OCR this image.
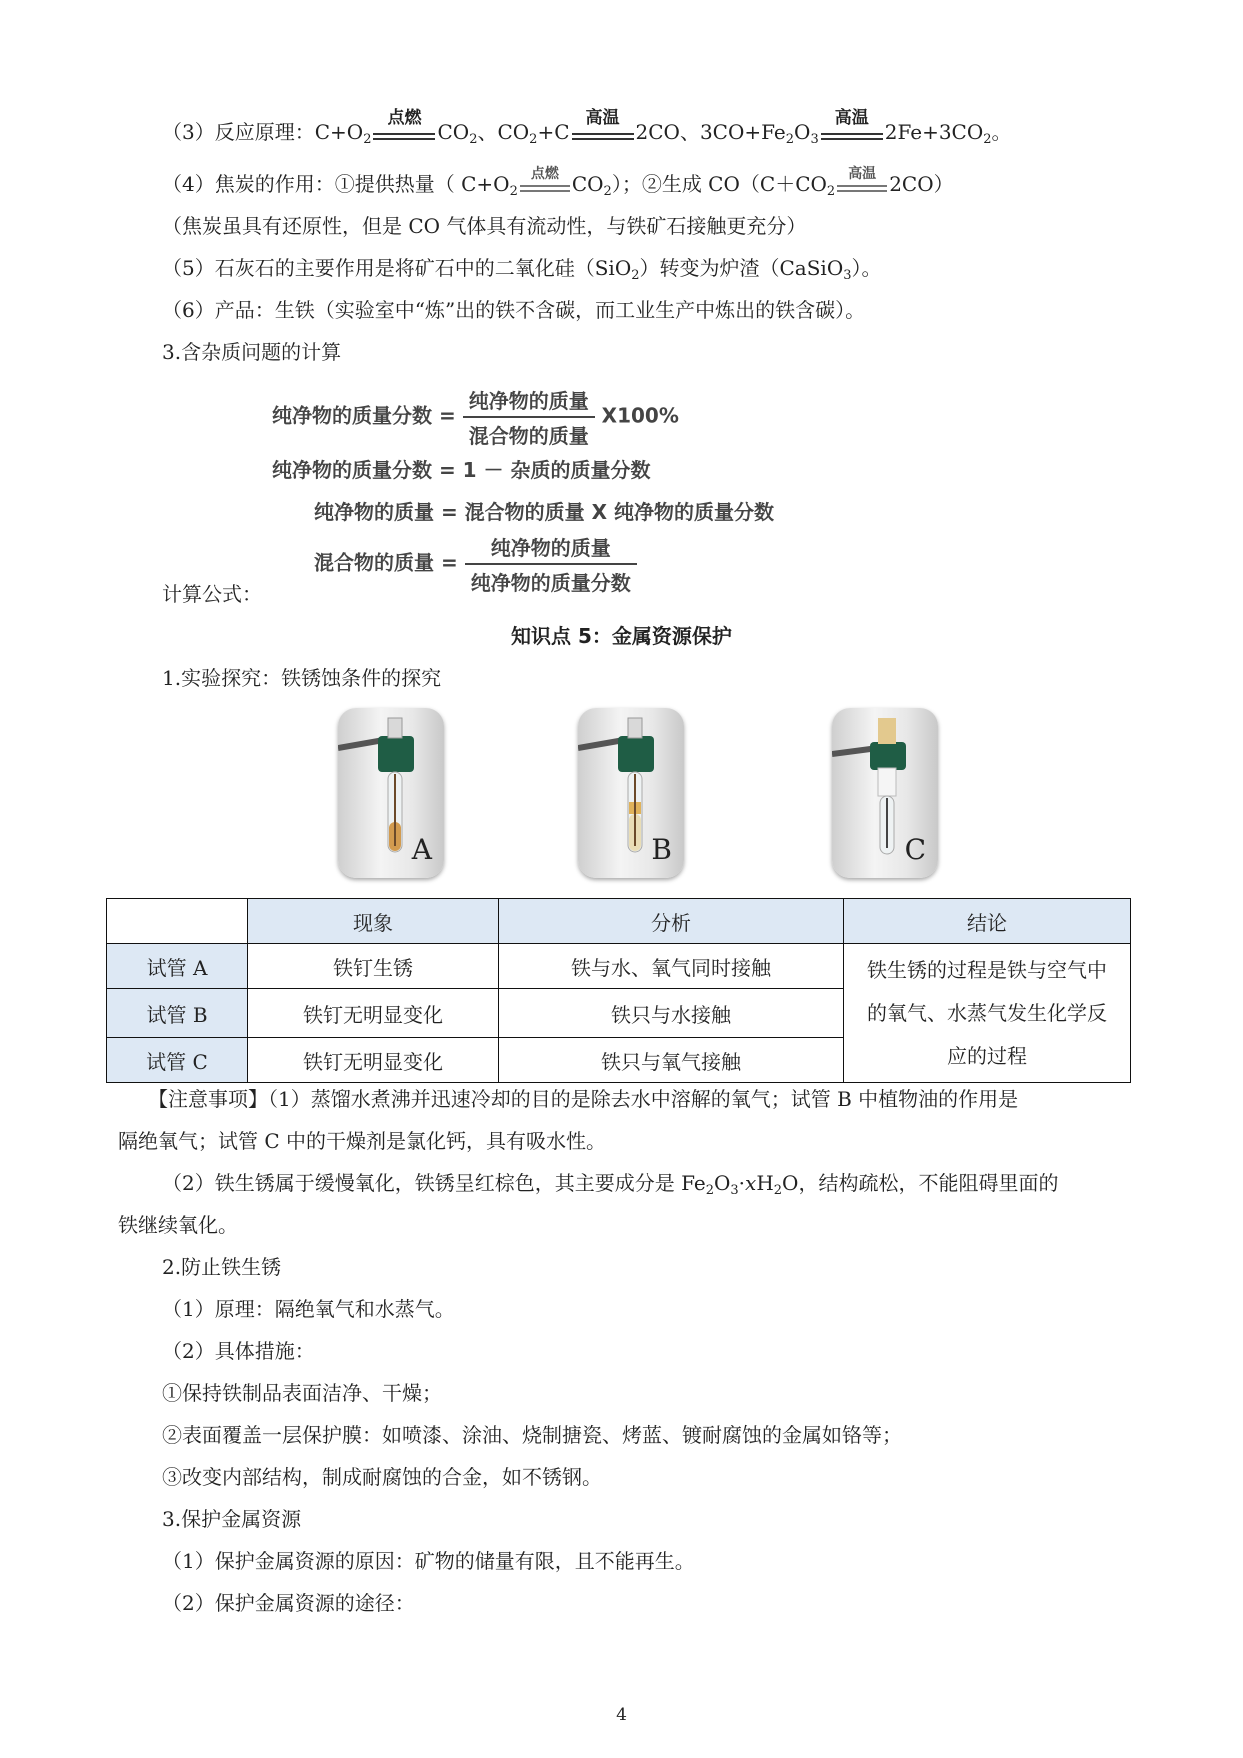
（3）反应原理：$C+O_2$
点燃
$CO_2$、$CO_2+C$
高温
2CO、$3CO+Fe_2O_3$
高温
$2Fe+3CO_2$。
（4）焦炭的作用：①提供热量（ $C+O_2$
点燃 $CO_2$）；②生成 $CO(C+CO_2$
高温 2CO）
（焦炭虽具有还原性，但是 CO 气体具有流动性，与铁矿石接触更充分）
（5）石灰石的主要作用是将矿石中的二氧化硅（SiO$_2$）转变为炉渣（CaSiO$_3$）。
（6）产品：生铁（实验室中“炼”出的铁不含碳，而工业生产中炼出的铁含碳）。
3.含杂质问题的计算
纯净物的质量分数 = $\frac{\text{纯净物的质量}}{\text{混合物的质量}} X100\%$
纯净物的质量分数 = 1 － 杂质的质量分数
纯净物的质量 = 混合物的质量 X 纯净物的质量分数
混合物的质量 = $\frac{\text{纯净物的质量}}{\text{纯净物的质量分数}}$
计算公式：
知识点 5：金属资源保护
1.实验探究：铁锈蚀条件的探究
A	B	C
	现象	分析	结论
试管 A	铁钉生锈	铁与水、氧气同时接触	铁生锈的过程是铁与空气中
的氧气、水蒸气发生化学反
应的过程
试管 B	铁钉无明显变化	铁只与水接触	
试管 C	铁钉无明显变化	铁只与氧气接触	
【注意事项】（1）蒸馏水煮沸并迅速冷却的目的是除去水中溶解的氧气；试管 B 中植物油的作用是
隔绝氧气；试管 C 中的干燥剂是氯化钙，具有吸水性。
（2）铁生锈属于缓慢氧化，铁锈呈红棕色，其主要成分是 $Fe_2O_3\cdot xH_2O$，结构疏松，不能阻碍里面的
铁继续氧化。
2.防止铁生锈
（1）原理：隔绝氧气和水蒸气。
（2）具体措施：
①保持铁制品表面洁净、干燥；
②表面覆盖一层保护膜：如喷漆、涂油、烧制搪瓷、烤蓝、镀耐腐蚀的金属如铬等；
③改变内部结构，制成耐腐蚀的合金，如不锈钢。
3.保护金属资源
（1）保护金属资源的原因：矿物的储量有限，且不能再生。
（2）保护金属资源的途径：
4
